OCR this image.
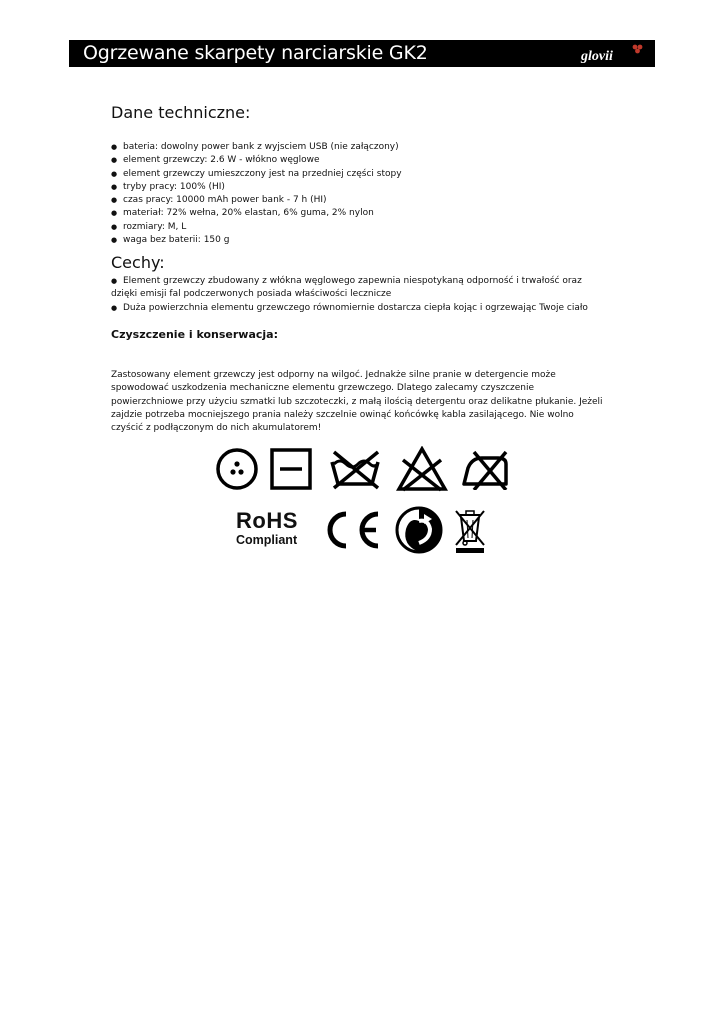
Ogrzewane skarpety narciarskie GK2	glovii
Dane techniczne:
● bateria: dowolny power bank z wyjsciem USB (nie załączony)
● element grzewczy: 2.6 W - włókno węglowe
● element grzewczy umieszczony jest na przedniej części stopy
● tryby pracy: 100% (HI)
● czas pracy: 10000 mAh power bank - 7 h (HI)
● materiał: 72% wełna, 20% elastan, 6% guma, 2% nylon
● rozmiary: M, L
● waga bez baterii: 150 g
Cechy:
● Element grzewczy zbudowany z włókna węglowego zapewnia niespotykaną odporność i trwałość oraz dzięki emisji fal podczerwonych posiada właściwości lecznicze
● Duża powierzchnia elementu grzewczego równomiernie dostarcza ciepła kojąc i ogrzewając Twoje ciało
Czyszczenie i konserwacja:

Zastosowany element grzewczy jest odporny na wilgoć. Jednakże silne pranie w detergencie może spowodować uszkodzenia mechaniczne elementu grzewczego. Dlatego zalecamy czyszczenie powierzchniowe przy użyciu szmatki lub szczoteczki, z małą ilością detergentu oraz delikatne płukanie. Jeżeli zajdzie potrzeba mocniejszego prania należy szczelnie owinąć końcówkę kabla zasilającego. Nie wolno czyścić z podłączonym do nich akumulatorem!

RoHS
Compliant
